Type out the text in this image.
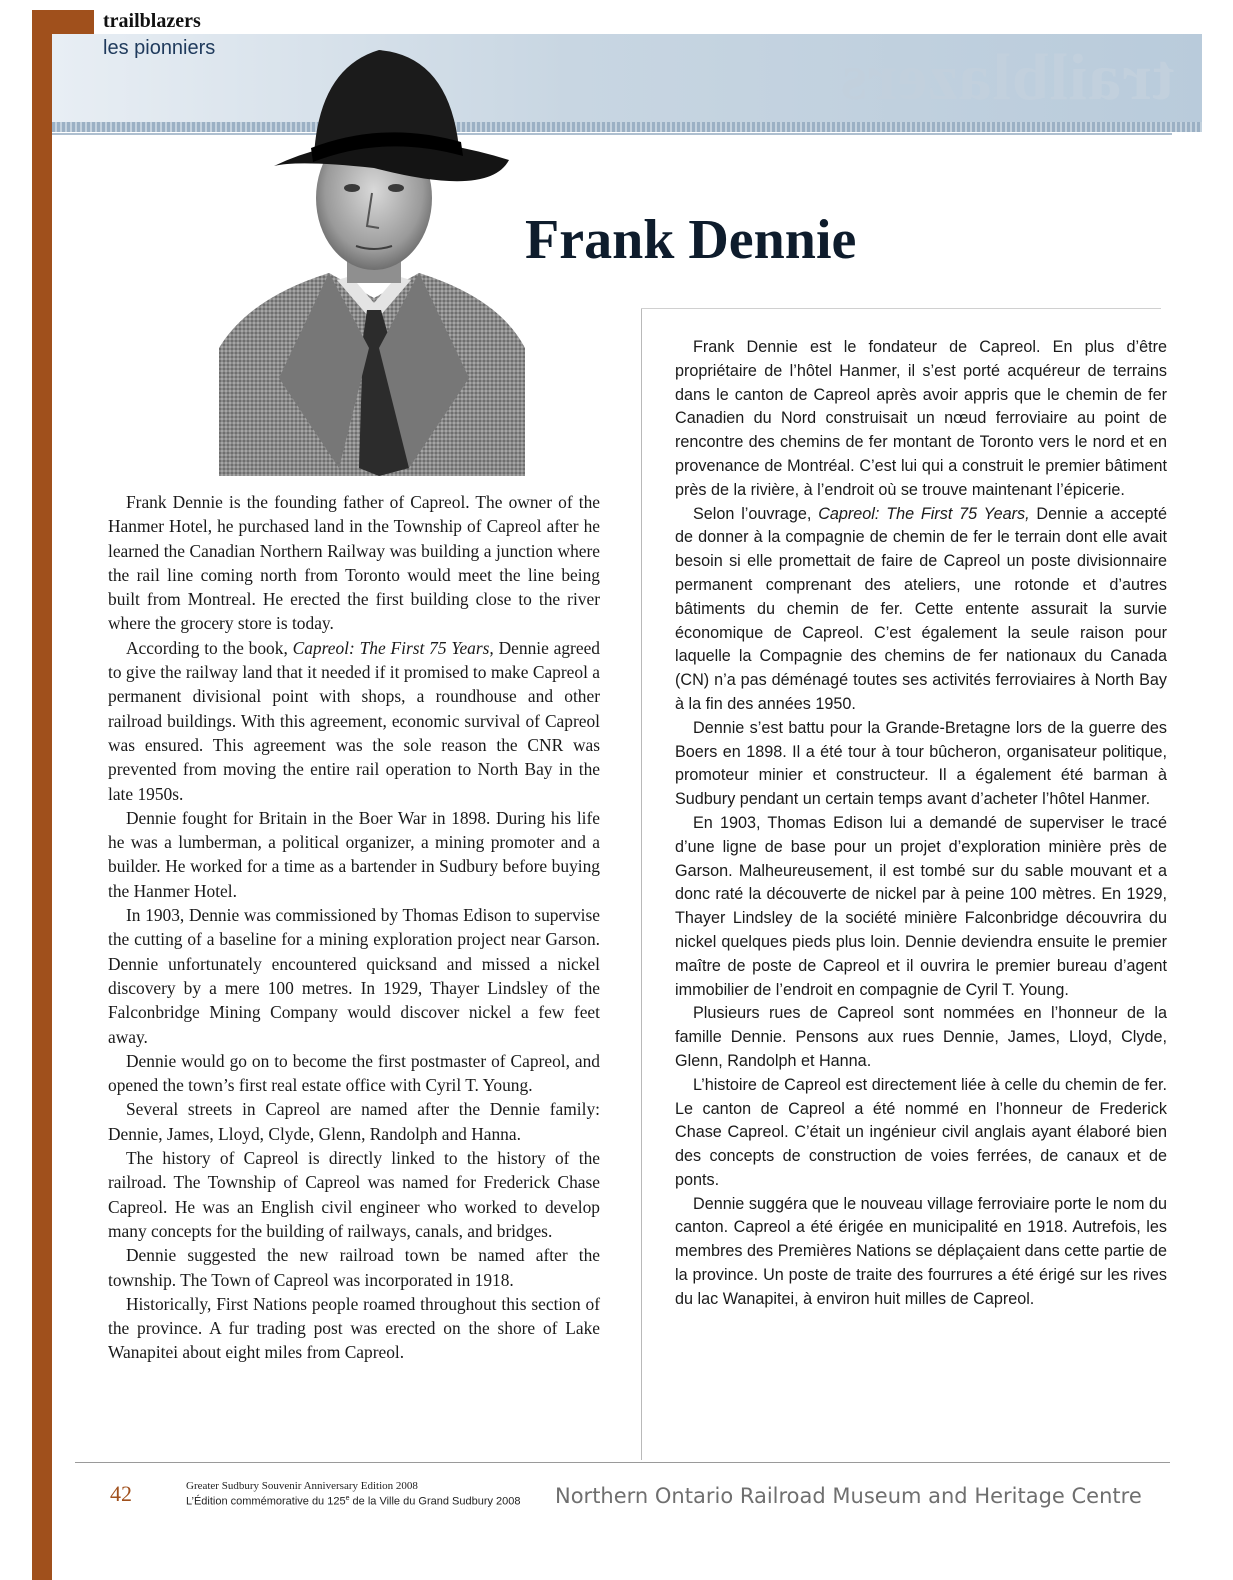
trailblazers
trailblazers
les pionniers
Frank Dennie

Frank Dennie is the founding father of Capreol. The owner of the Hanmer Hotel, he purchased land in the Township of Capreol after he learned the Canadian Northern Railway was building a junction where the rail line coming north from Toronto would meet the line being built from Montreal. He erected the first building close to the river where the grocery store is today.

According to the book, Capreol: The First 75 Years, Dennie agreed to give the railway land that it needed if it promised to make Capreol a permanent divisional point with shops, a roundhouse and other railroad buildings. With this agreement, economic survival of Capreol was ensured. This agreement was the sole reason the CNR was prevented from moving the entire rail operation to North Bay in the late 1950s.

Dennie fought for Britain in the Boer War in 1898. During his life he was a lumberman, a political organizer, a mining promoter and a builder. He worked for a time as a bartender in Sudbury before buying the Hanmer Hotel.

In 1903, Dennie was commissioned by Thomas Edison to supervise the cutting of a baseline for a mining exploration project near Garson. Dennie unfortunately encountered quicksand and missed a nickel discovery by a mere 100 metres. In 1929, Thayer Lindsley of the Falconbridge Mining Company would discover nickel a few feet away.

Dennie would go on to become the first postmaster of Capreol, and opened the town’s first real estate office with Cyril T. Young.

Several streets in Capreol are named after the Dennie family: Dennie, James, Lloyd, Clyde, Glenn, Randolph and Hanna.

The history of Capreol is directly linked to the history of the railroad. The Township of Capreol was named for Frederick Chase Capreol. He was an English civil engineer who worked to develop many concepts for the building of railways, canals, and bridges.

Dennie suggested the new railroad town be named after the township. The Town of Capreol was incorporated in 1918.

Historically, First Nations people roamed throughout this section of the province. A fur trading post was erected on the shore of Lake Wanapitei about eight miles from Capreol.

Frank Dennie est le fondateur de Capreol. En plus d’être propriétaire de l’hôtel Hanmer, il s’est porté acquéreur de terrains dans le canton de Capreol après avoir appris que le chemin de fer Canadien du Nord construisait un nœud ferroviaire au point de rencontre des chemins de fer montant de Toronto vers le nord et en provenance de Montréal. C’est lui qui a construit le premier bâtiment près de la rivière, à l’endroit où se trouve maintenant l’épicerie.

Selon l’ouvrage, Capreol: The First 75 Years, Dennie a accepté de donner à la compagnie de chemin de fer le terrain dont elle avait besoin si elle promettait de faire de Capreol un poste divisionnaire permanent comprenant des ateliers, une rotonde et d’autres bâtiments du chemin de fer. Cette entente assurait la survie économique de Capreol. C’est également la seule raison pour laquelle la Compagnie des chemins de fer nationaux du Canada (CN) n’a pas déménagé toutes ses activités ferroviaires à North Bay à la fin des années 1950.

Dennie s’est battu pour la Grande-Bretagne lors de la guerre des Boers en 1898. Il a été tour à tour bûcheron, organisateur politique, promoteur minier et constructeur. Il a également été barman à Sudbury pendant un certain temps avant d’acheter l’hôtel Hanmer.

En 1903, Thomas Edison lui a demandé de superviser le tracé d’une ligne de base pour un projet d’exploration minière près de Garson. Malheureusement, il est tombé sur du sable mouvant et a donc raté la découverte de nickel par à peine 100 mètres. En 1929, Thayer Lindsley de la société minière Falconbridge découvrira du nickel quelques pieds plus loin. Dennie deviendra ensuite le premier maître de poste de Capreol et il ouvrira le premier bureau d’agent immobilier de l’endroit en compagnie de Cyril T. Young.

Plusieurs rues de Capreol sont nommées en l’honneur de la famille Dennie. Pensons aux rues Dennie, James, Lloyd, Clyde, Glenn, Randolph et Hanna.

L’histoire de Capreol est directement liée à celle du chemin de fer. Le canton de Capreol a été nommé en l’honneur de Frederick Chase Capreol. C’était un ingénieur civil anglais ayant élaboré bien des concepts de construction de voies ferrées, de canaux et de ponts.

Dennie suggéra que le nouveau village ferroviaire porte le nom du canton. Capreol a été érigée en municipalité en 1918. Autrefois, les membres des Premières Nations se déplaçaient dans cette partie de la province. Un poste de traite des fourrures a été érigé sur les rives du lac Wanapitei, à environ huit milles de Capreol.

42	Greater Sudbury Souvenir Anniversary Edition 2008
L’Édition commémorative du 125e de la Ville du Grand Sudbury 2008 Northern Ontario Railroad Museum and Heritage Centre
